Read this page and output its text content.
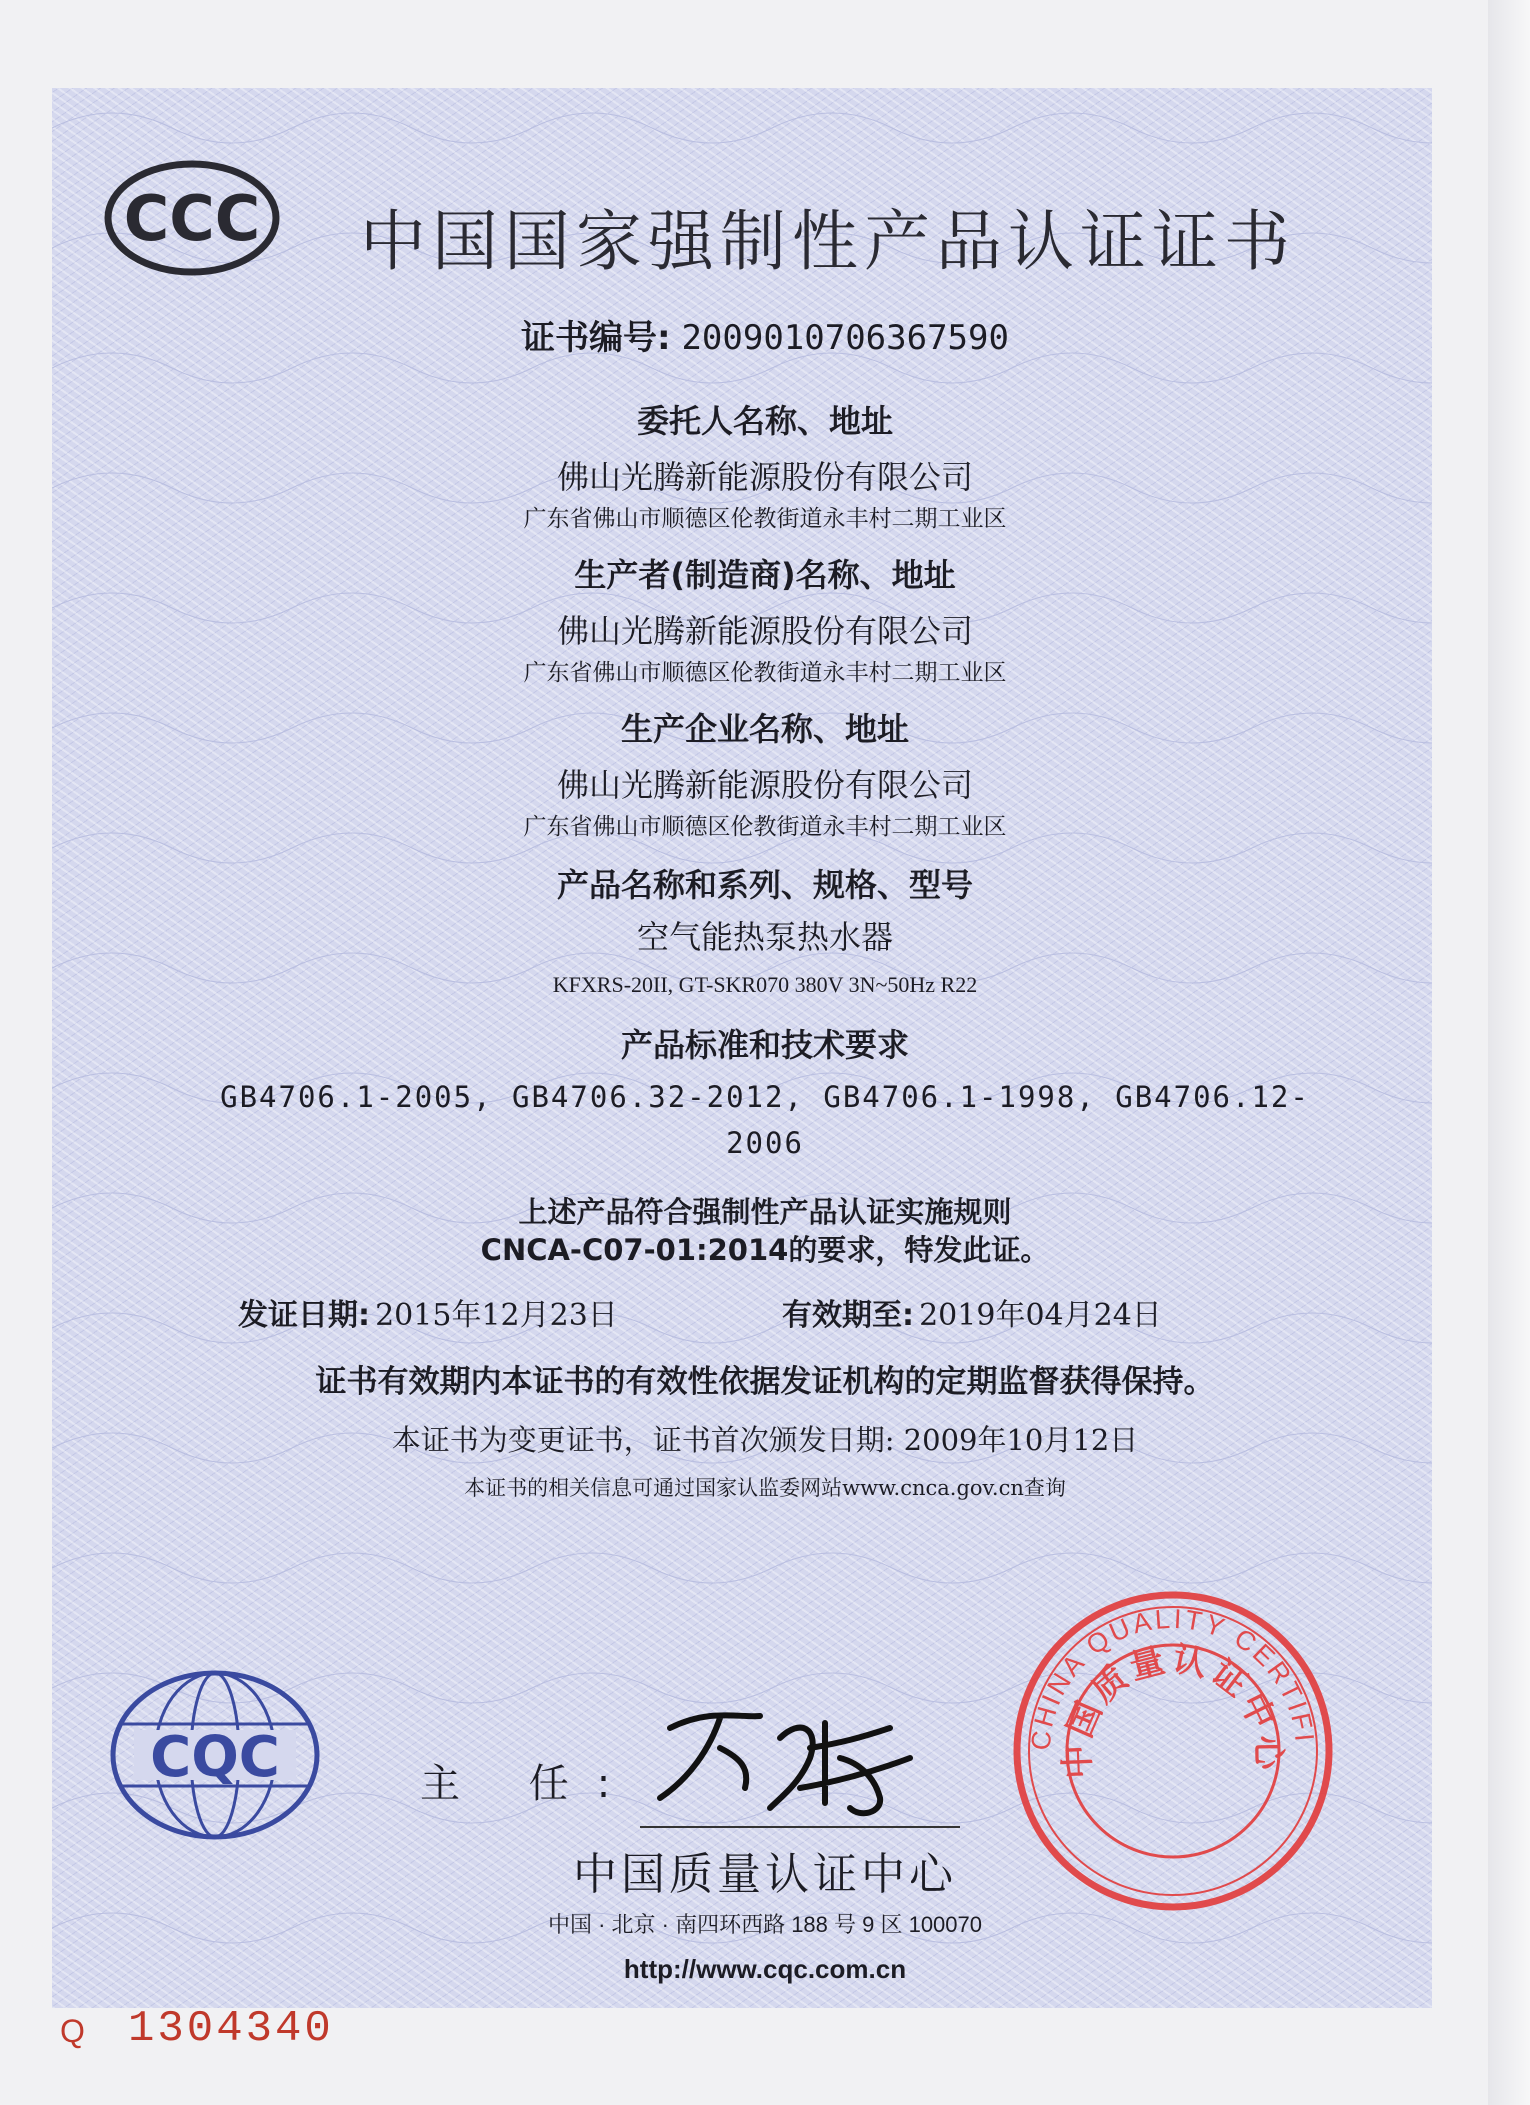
CCC 中国国家强制性产品认证证书
证书编号: 2009010706367590
委托人名称、地址
佛山光腾新能源股份有限公司
广东省佛山市顺德区伦教街道永丰村二期工业区
生产者(制造商)名称、地址
佛山光腾新能源股份有限公司
广东省佛山市顺德区伦教街道永丰村二期工业区
生产企业名称、地址
佛山光腾新能源股份有限公司
广东省佛山市顺德区伦教街道永丰村二期工业区
产品名称和系列、规格、型号
空气能热泵热水器
KFXRS-20II, GT-SKR070 380V 3N~50Hz R22
产品标准和技术要求
GB4706.1-2005, GB4706.32-2012, GB4706.1-1998, GB4706.12-
2006
上述产品符合强制性产品认证实施规则
CNCA-C07-01:2014的要求，特发此证。
发证日期: 2015年12月23日	有效期至: 2019年04月24日
证书有效期内本证书的有效性依据发证机构的定期监督获得保持。
本证书为变更证书，证书首次颁发日期: 2009年10月12日
本证书的相关信息可通过国家认监委网站www.cnca.gov.cn查询
CQC	主 任:
中国质量认证中心
中国 · 北京 · 南四环西路 188 号 9 区 100070
http://www.cqc.com.cn
CHINA QUALITY CERTIFI
中国质量认证中心
Q 1304340
